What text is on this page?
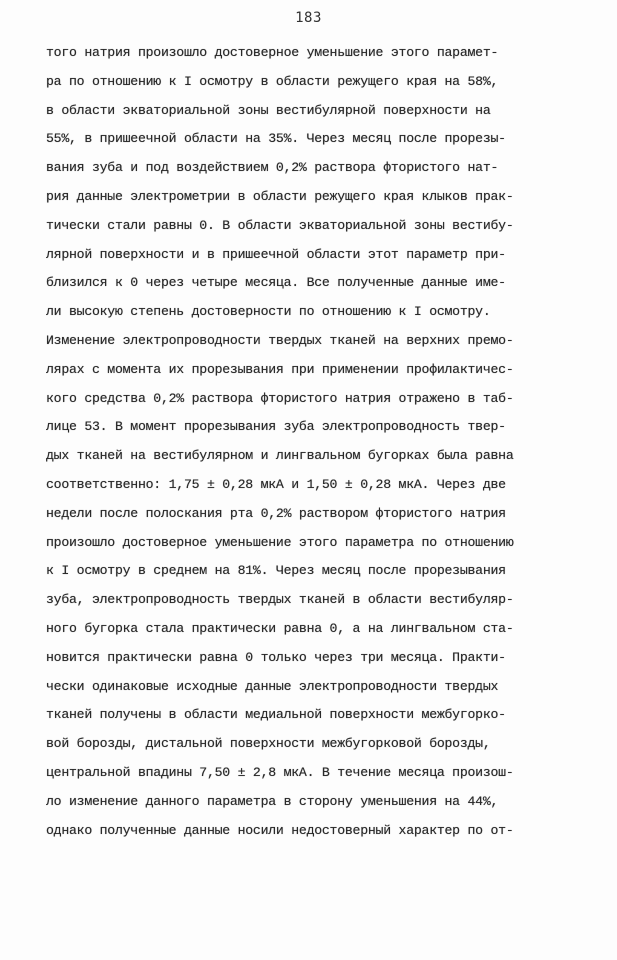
183
того натрия произошло достоверное уменьшение этого парамет-
ра по отношению к I осмотру в области режущего края на 58%,
в области экваториальной зоны вестибулярной поверхности на
55%, в пришеечной области на 35%. Через месяц после прорезы-
вания зуба и под воздействием 0,2% раствора фтористого нат-
рия данные электрометрии в области режущего края клыков прак-
тически стали равны 0. В области экваториальной зоны вестибу-
лярной поверхности и в пришеечной области этот параметр при-
близился к 0 через четыре месяца. Все полученные данные име-
ли высокую степень достоверности по отношению к I осмотру.
Изменение электропроводности твердых тканей на верхних премо-
лярах с момента их прорезывания при применении профилактичес-
кого средства 0,2% раствора фтористого натрия отражено в таб-
лице 53. В момент прорезывания зуба электропроводность твер-
дых тканей на вестибулярном и лингвальном бугорках была равна
соответственно: 1,75 ± 0,28 мкА и 1,50 ± 0,28 мкА. Через две
недели после полоскания рта 0,2% раствором фтористого натрия
произошло достоверное уменьшение этого параметра по отношению
к I осмотру в среднем на 81%. Через месяц после прорезывания
зуба, электропроводность твердых тканей в области вестибуляр-
ного бугорка стала практически равна 0, а на лингвальном ста-
новится практически равна 0 только через три месяца. Практи-
чески одинаковые исходные данные электропроводности твердых
тканей получены в области медиальной поверхности межбугорко-
вой борозды, дистальной поверхности межбугорковой борозды,
центральной впадины 7,50 ± 2,8 мкА. В течение месяца произош-
ло изменение данного параметра в сторону уменьшения на 44%,
однако полученные данные носили недостоверный характер по от-
